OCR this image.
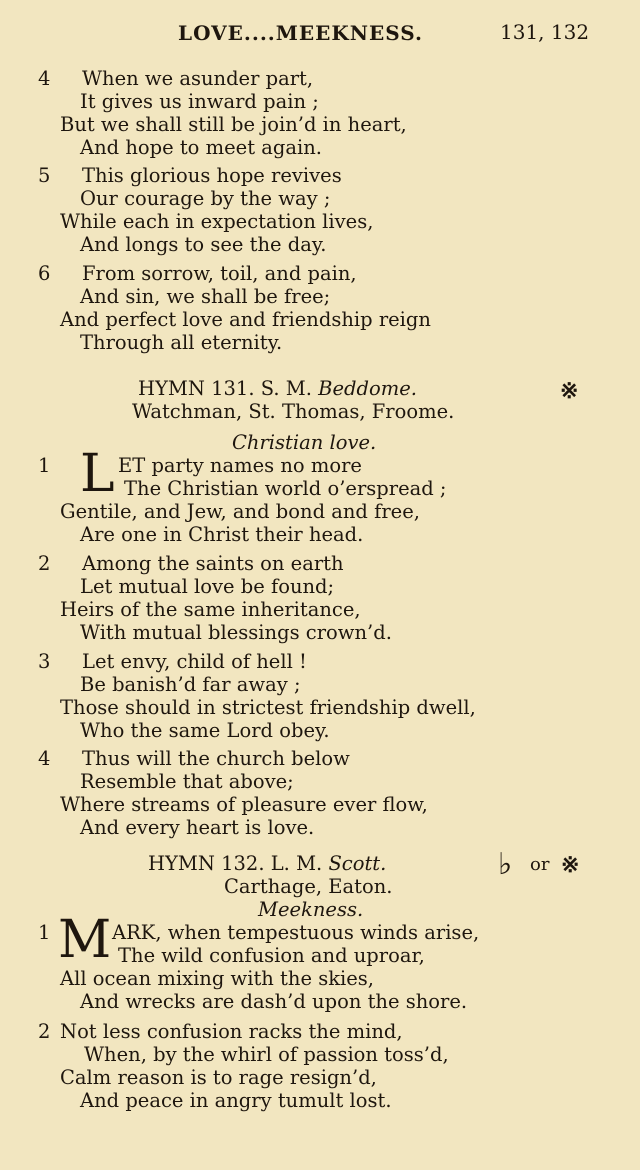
LOVE....MEEKNESS.	131, 132
4 When we asunder part,
It gives us inward pain ;
But we shall still be join’d in heart,
And hope to meet again.
5 This glorious hope revives
Our courage by the way ;
While each in expectation lives,
And longs to see the day.
6 From sorrow, toil, and pain,
And sin, we shall be free;
And perfect love and friendship reign
Through all eternity.
HYMN 131. S. M. Beddome.	※
Watchman, St. Thomas, Froome.
Christian love.
1 L ET party names no more
The Christian world o’erspread ;
Gentile, and Jew, and bond and free,
Are one in Christ their head.
2 Among the saints on earth
Let mutual love be found;
Heirs of the same inheritance,
With mutual blessings crown’d.
3 Let envy, child of hell !
Be banish’d far away ;
Those should in strictest friendship dwell,
Who the same Lord obey.
4 Thus will the church below
Resemble that above;
Where streams of pleasure ever flow,
And every heart is love.
HYMN 132. L. M. Scott.	♭ or ※
Carthage, Eaton.
Meekness.
1 M ARK, when tempestuous winds arise,
The wild confusion and uproar,
All ocean mixing with the skies,
And wrecks are dash’d upon the shore.
2 Not less confusion racks the mind,
When, by the whirl of passion toss’d,
Calm reason is to rage resign’d,
And peace in angry tumult lost.
